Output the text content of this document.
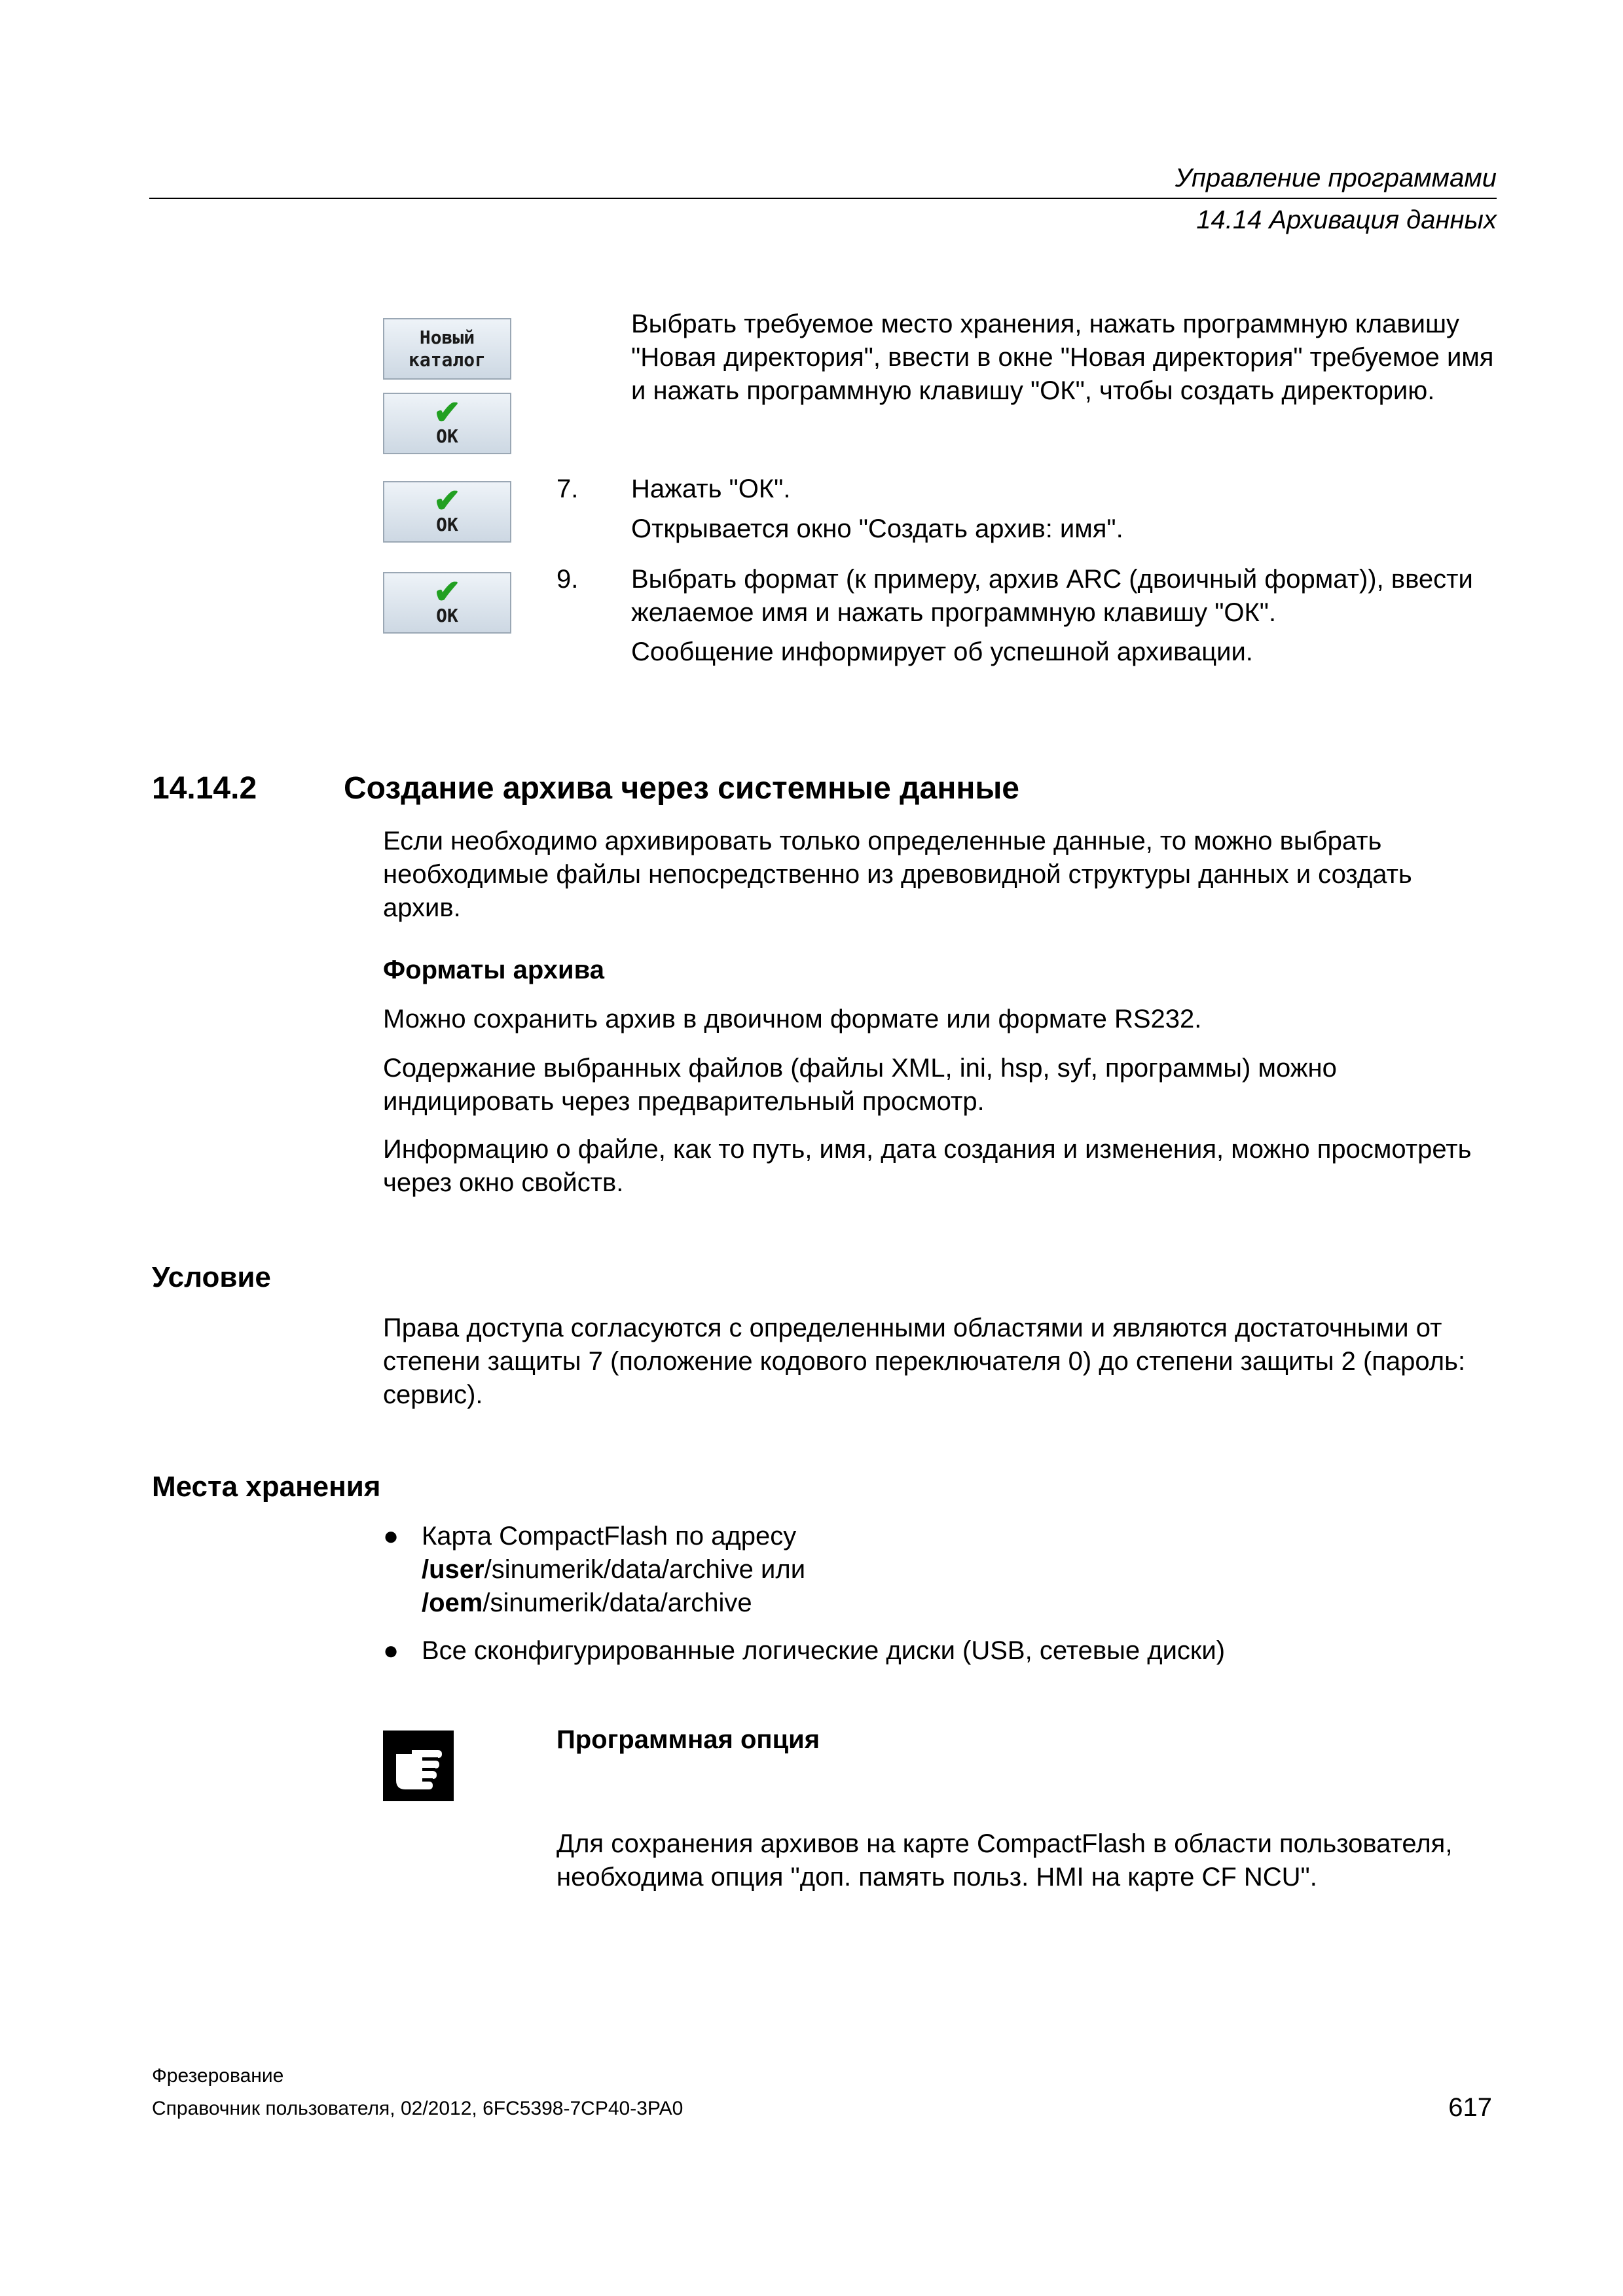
Управление программами
14.14 Архивация данных
Новый
каталог
✔
ОК
✔
ОК
✔
ОК
Выбрать требуемое место хранения, нажать программную клавишу "Новая директория", ввести в окне "Новая директория" требуемое имя и нажать программную клавишу "ОК", чтобы создать директорию.
7. Нажать "ОК".
Открывается окно "Создать архив: имя".
9. Выбрать формат (к примеру, архив ARC (двоичный формат)), ввести желаемое имя и нажать программную клавишу "ОК".
Сообщение информирует об успешной архивации.
14.14.2	Создание архива через системные данные
Если необходимо архивировать только определенные данные, то можно выбрать необходимые файлы непосредственно из древовидной структуры данных и создать архив.
Форматы архива
Можно сохранить архив в двоичном формате или формате RS232.
Содержание выбранных файлов (файлы XML, ini, hsp, syf, программы) можно индицировать через предварительный просмотр.
Информацию о файле, как то путь, имя, дата создания и изменения, можно просмотреть через окно свойств.
Условие
Права доступа согласуются с определенными областями и являются достаточными от степени защиты 7 (положение кодового переключателя 0) до степени защиты 2 (пароль: сервис).
Места хранения
● Карта CompactFlash по адресу
/user/sinumerik/data/archive или
/oem/sinumerik/data/archive
● Все сконфигурированные логические диски (USB, сетевые диски)
Программная опция
Для сохранения архивов на карте CompactFlash в области пользователя, необходима опция "доп. память польз. HMI на карте CF NCU".
Фрезерование
Справочник пользователя, 02/2012, 6FC5398-7CP40-3PA0	617
